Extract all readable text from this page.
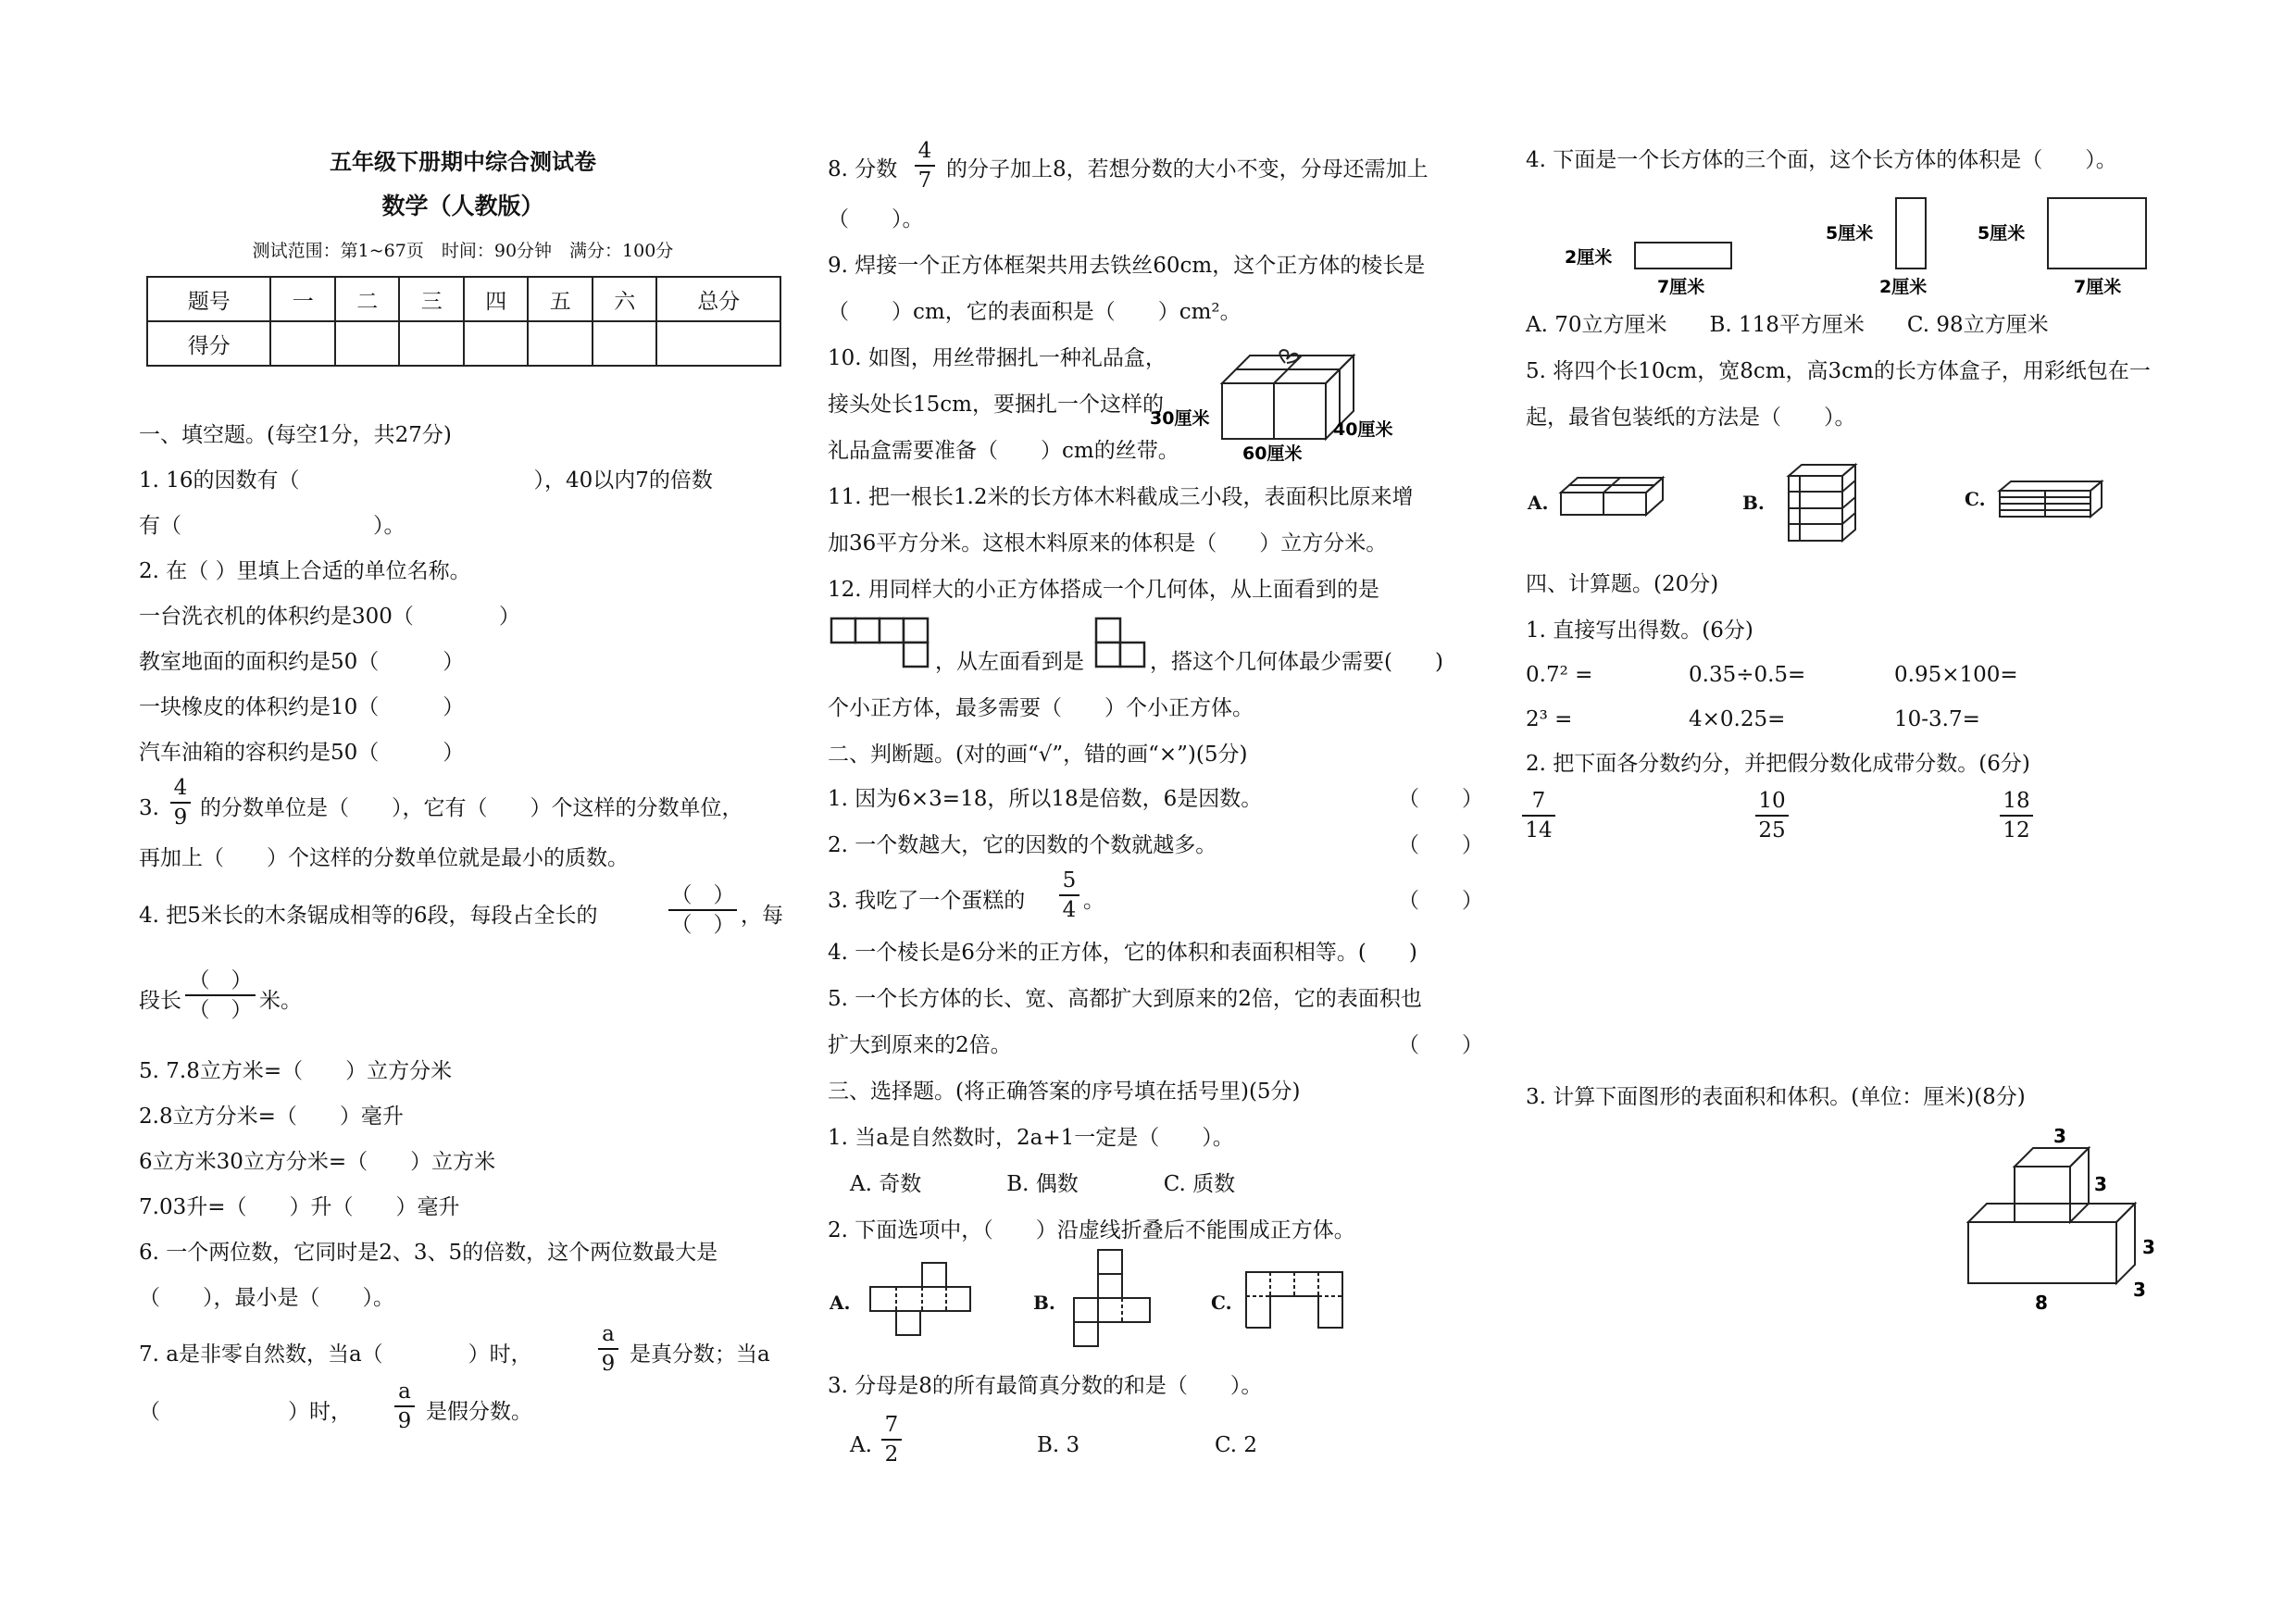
五年级下册期中综合测试卷
数学（人教版）
测试范围：第1~67页　时间：90分钟　满分：100分
题号	一	二	三	四	五	六	总分
得分							
一、填空题。(每空1分，共27分)
1. 16的因数有（　　　　　　　　　　　），40以内7的倍数
有（　　　　　　　　　）。
2. 在（ ）里填上合适的单位名称。
一台洗衣机的体积约是300（　　　　）
教室地面的面积约是50（　　　）
一块橡皮的体积约是10（　　　）
汽车油箱的容积约是50（　　　）
3.
4
9 的分数单位是（　　），它有（　　）个这样的分数单位，
再加上（　　）个这样的分数单位就是最小的质数。
4. 把5米长的木条锯成相等的6段，每段占全长的
（　）
（　） ，每
段长
（　）
（　） 米。
5. 7.8立方米=（　　）立方分米
2.8立方分米=（　　）毫升
6立方米30立方分米=（　　）立方米
7.03升=（　　）升（　　）毫升
6. 一个两位数，它同时是2、3、5的倍数，这个两位数最大是
（　　），最小是（　　）。
7. a是非零自然数，当a（　　　　）时，
a
9 是真分数；当a
（　　　　　　）时，
a
9 是假分数。
8. 分数
4
7 的分子加上8，若想分数的大小不变，分母还需加上
（　　）。
9. 焊接一个正方体框架共用去铁丝60cm，这个正方体的棱长是
（　　）cm，它的表面积是（　　）cm²。
10. 如图，用丝带捆扎一种礼品盒，
接头处长15cm，要捆扎一个这样的
礼品盒需要准备（　　）cm的丝带。
30厘米
60厘米
40厘米
11. 把一根长1.2米的长方体木料截成三小段，表面积比原来增
加36平方分米。这根木料原来的体积是（　　）立方分米。
12. 用同样大的小正方体搭成一个几何体，从上面看到的是
，从左面看到是	，搭这个几何体最少需要(　　)
个小正方体，最多需要（　　）个小正方体。
二、判断题。(对的画“√”，错的画“×”)(5分)
1. 因为6×3=18，所以18是倍数，6是因数。	（　　）
2. 一个数越大，它的因数的个数就越多。	（　　）
3. 我吃了一个蛋糕的
5
4 。	（　　）
4. 一个棱长是6分米的正方体，它的体积和表面积相等。(　　)
5. 一个长方体的长、宽、高都扩大到原来的2倍，它的表面积也
扩大到原来的2倍。	（　　）
三、选择题。(将正确答案的序号填在括号里)(5分)
1. 当a是自然数时，2a+1一定是（　　）。
A. 奇数　　　　B. 偶数　　　　C. 质数
2. 下面选项中，（　　）沿虚线折叠后不能围成正方体。
A.	B.	C.
3. 分母是8的所有最简真分数的和是（　　）。
A.
7
2	B. 3	C. 2
4. 下面是一个长方体的三个面，这个长方体的体积是（　　）。
2厘米
7厘米
5厘米
2厘米
5厘米
7厘米
A. 70立方厘米　　B. 118平方厘米　　C. 98立方厘米
5. 将四个长10cm，宽8cm，高3cm的长方体盒子，用彩纸包在一
起，最省包装纸的方法是（　　）。
A.	B.	C.
四、计算题。(20分)
1. 直接写出得数。(6分)
0.7² =	0.35÷0.5=	0.95×100=
2³ =	4×0.25=	10-3.7=
2. 把下面各分数约分，并把假分数化成带分数。(6分)
7
14
10
25
18
12
3. 计算下面图形的表面积和体积。(单位：厘米)(8分)
3
3
3
8
3
